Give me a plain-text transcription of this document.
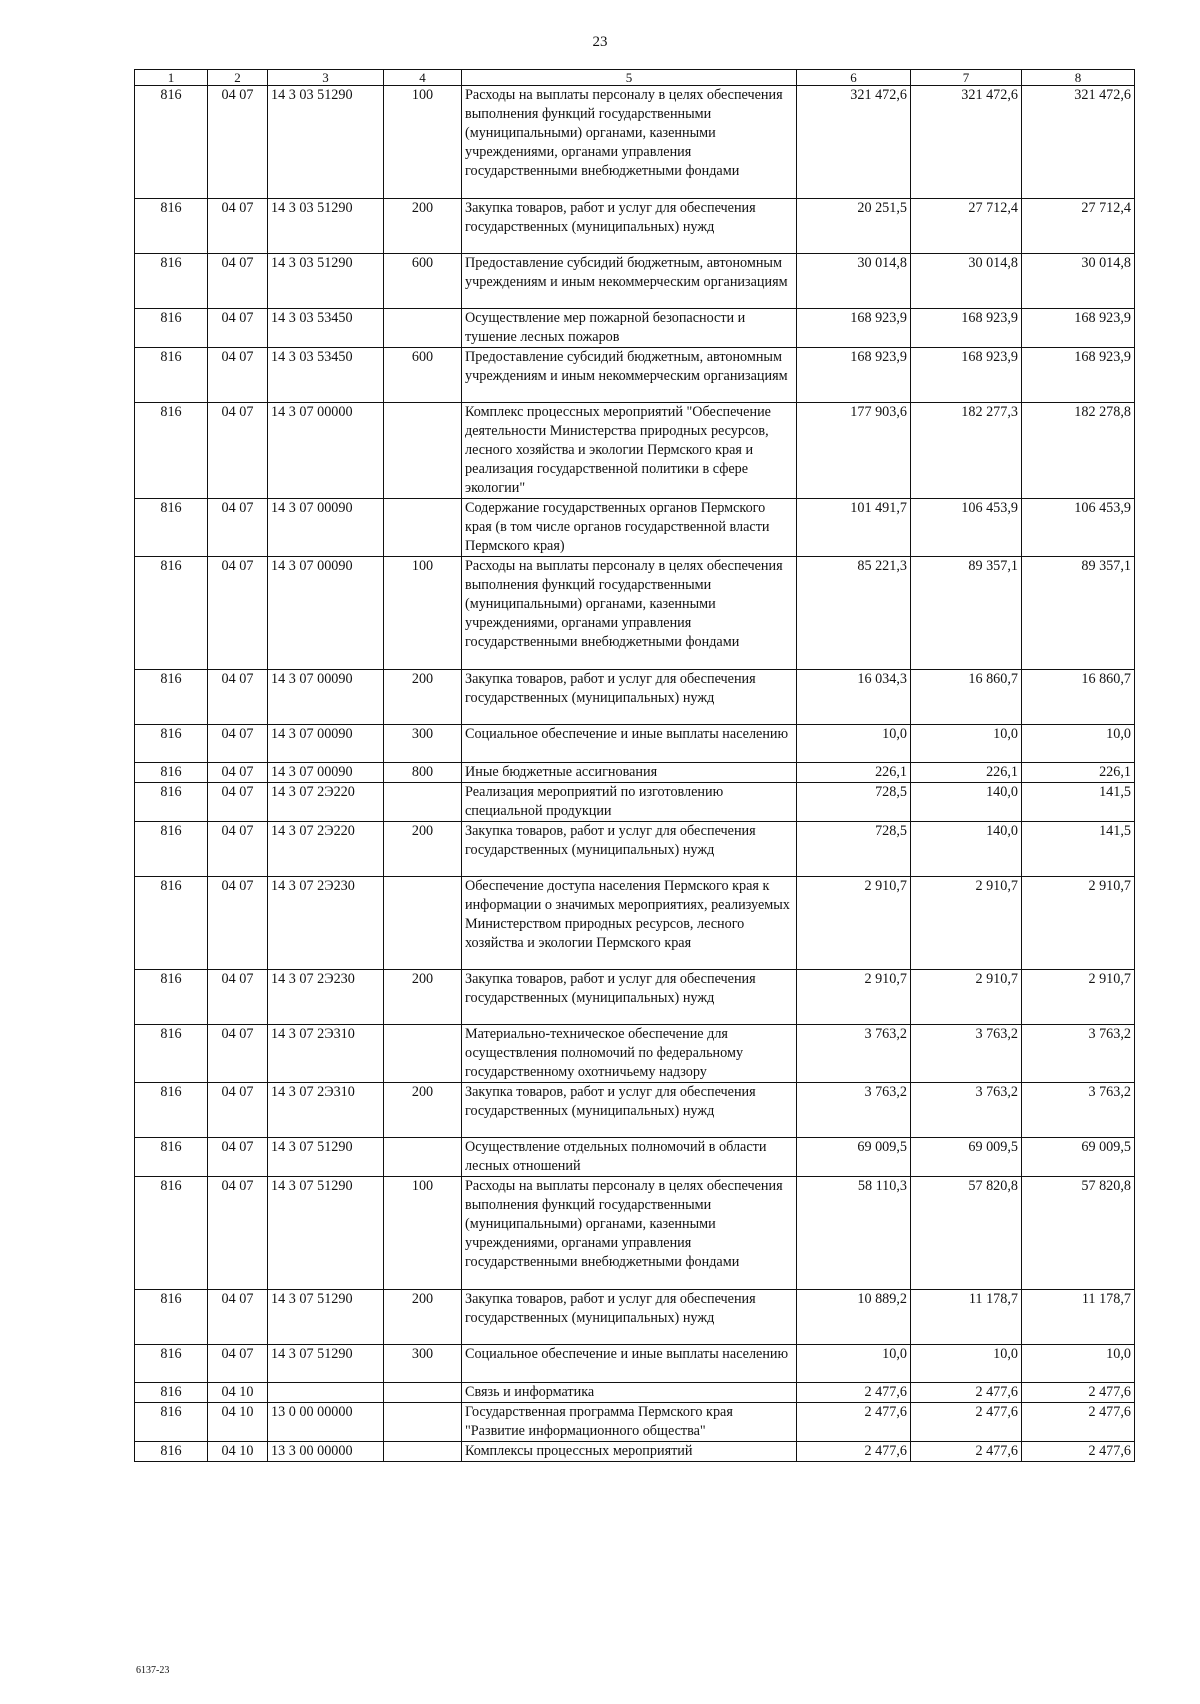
23
1	2	3	4	5	6	7	8
816	04 07	14 3 03 51290	100	Расходы на выплаты персоналу в целях обеспечения выполнения функций государственными (муниципальными) органами, казенными учреждениями, органами управления государственными внебюджетными фондами	321 472,6	321 472,6	321 472,6
816	04 07	14 3 03 51290	200	Закупка товаров, работ и услуг для обеспечения государственных (муниципальных) нужд	20 251,5	27 712,4	27 712,4
816	04 07	14 3 03 51290	600	Предоставление субсидий бюджетным, автономным учреждениям и иным некоммерческим организациям	30 014,8	30 014,8	30 014,8
816	04 07	14 3 03 53450		Осуществление мер пожарной безопасности и тушение лесных пожаров	168 923,9	168 923,9	168 923,9
816	04 07	14 3 03 53450	600	Предоставление субсидий бюджетным, автономным учреждениям и иным некоммерческим организациям	168 923,9	168 923,9	168 923,9
816	04 07	14 3 07 00000		Комплекс процессных мероприятий "Обеспечение деятельности Министерства природных ресурсов, лесного хозяйства и экологии Пермского края и реализация государственной политики в сфере экологии"	177 903,6	182 277,3	182 278,8
816	04 07	14 3 07 00090		Содержание государственных органов Пермского края (в том числе органов государственной власти Пермского края)	101 491,7	106 453,9	106 453,9
816	04 07	14 3 07 00090	100	Расходы на выплаты персоналу в целях обеспечения выполнения функций государственными (муниципальными) органами, казенными учреждениями, органами управления государственными внебюджетными фондами	85 221,3	89 357,1	89 357,1
816	04 07	14 3 07 00090	200	Закупка товаров, работ и услуг для обеспечения государственных (муниципальных) нужд	16 034,3	16 860,7	16 860,7
816	04 07	14 3 07 00090	300	Социальное обеспечение и иные выплаты населению	10,0	10,0	10,0
816	04 07	14 3 07 00090	800	Иные бюджетные ассигнования	226,1	226,1	226,1
816	04 07	14 3 07 2Э220		Реализация мероприятий по изготовлению специальной продукции	728,5	140,0	141,5
816	04 07	14 3 07 2Э220	200	Закупка товаров, работ и услуг для обеспечения государственных (муниципальных) нужд	728,5	140,0	141,5
816	04 07	14 3 07 2Э230		Обеспечение доступа населения Пермского края к информации о значимых мероприятиях, реализуемых Министерством природных ресурсов, лесного хозяйства и экологии Пермского края	2 910,7	2 910,7	2 910,7
816	04 07	14 3 07 2Э230	200	Закупка товаров, работ и услуг для обеспечения государственных (муниципальных) нужд	2 910,7	2 910,7	2 910,7
816	04 07	14 3 07 2Э310		Материально-техническое обеспечение для осуществления полномочий по федеральному государственному охотничьему надзору	3 763,2	3 763,2	3 763,2
816	04 07	14 3 07 2Э310	200	Закупка товаров, работ и услуг для обеспечения государственных (муниципальных) нужд	3 763,2	3 763,2	3 763,2
816	04 07	14 3 07 51290		Осуществление отдельных полномочий в области лесных отношений	69 009,5	69 009,5	69 009,5
816	04 07	14 3 07 51290	100	Расходы на выплаты персоналу в целях обеспечения выполнения функций государственными (муниципальными) органами, казенными учреждениями, органами управления государственными внебюджетными фондами	58 110,3	57 820,8	57 820,8
816	04 07	14 3 07 51290	200	Закупка товаров, работ и услуг для обеспечения государственных (муниципальных) нужд	10 889,2	11 178,7	11 178,7
816	04 07	14 3 07 51290	300	Социальное обеспечение и иные выплаты населению	10,0	10,0	10,0
816	04 10			Связь и информатика	2 477,6	2 477,6	2 477,6
816	04 10	13 0 00 00000		Государственная программа Пермского края "Развитие информационного общества"	2 477,6	2 477,6	2 477,6
816	04 10	13 3 00 00000		Комплексы процессных мероприятий	2 477,6	2 477,6	2 477,6
6137-23
